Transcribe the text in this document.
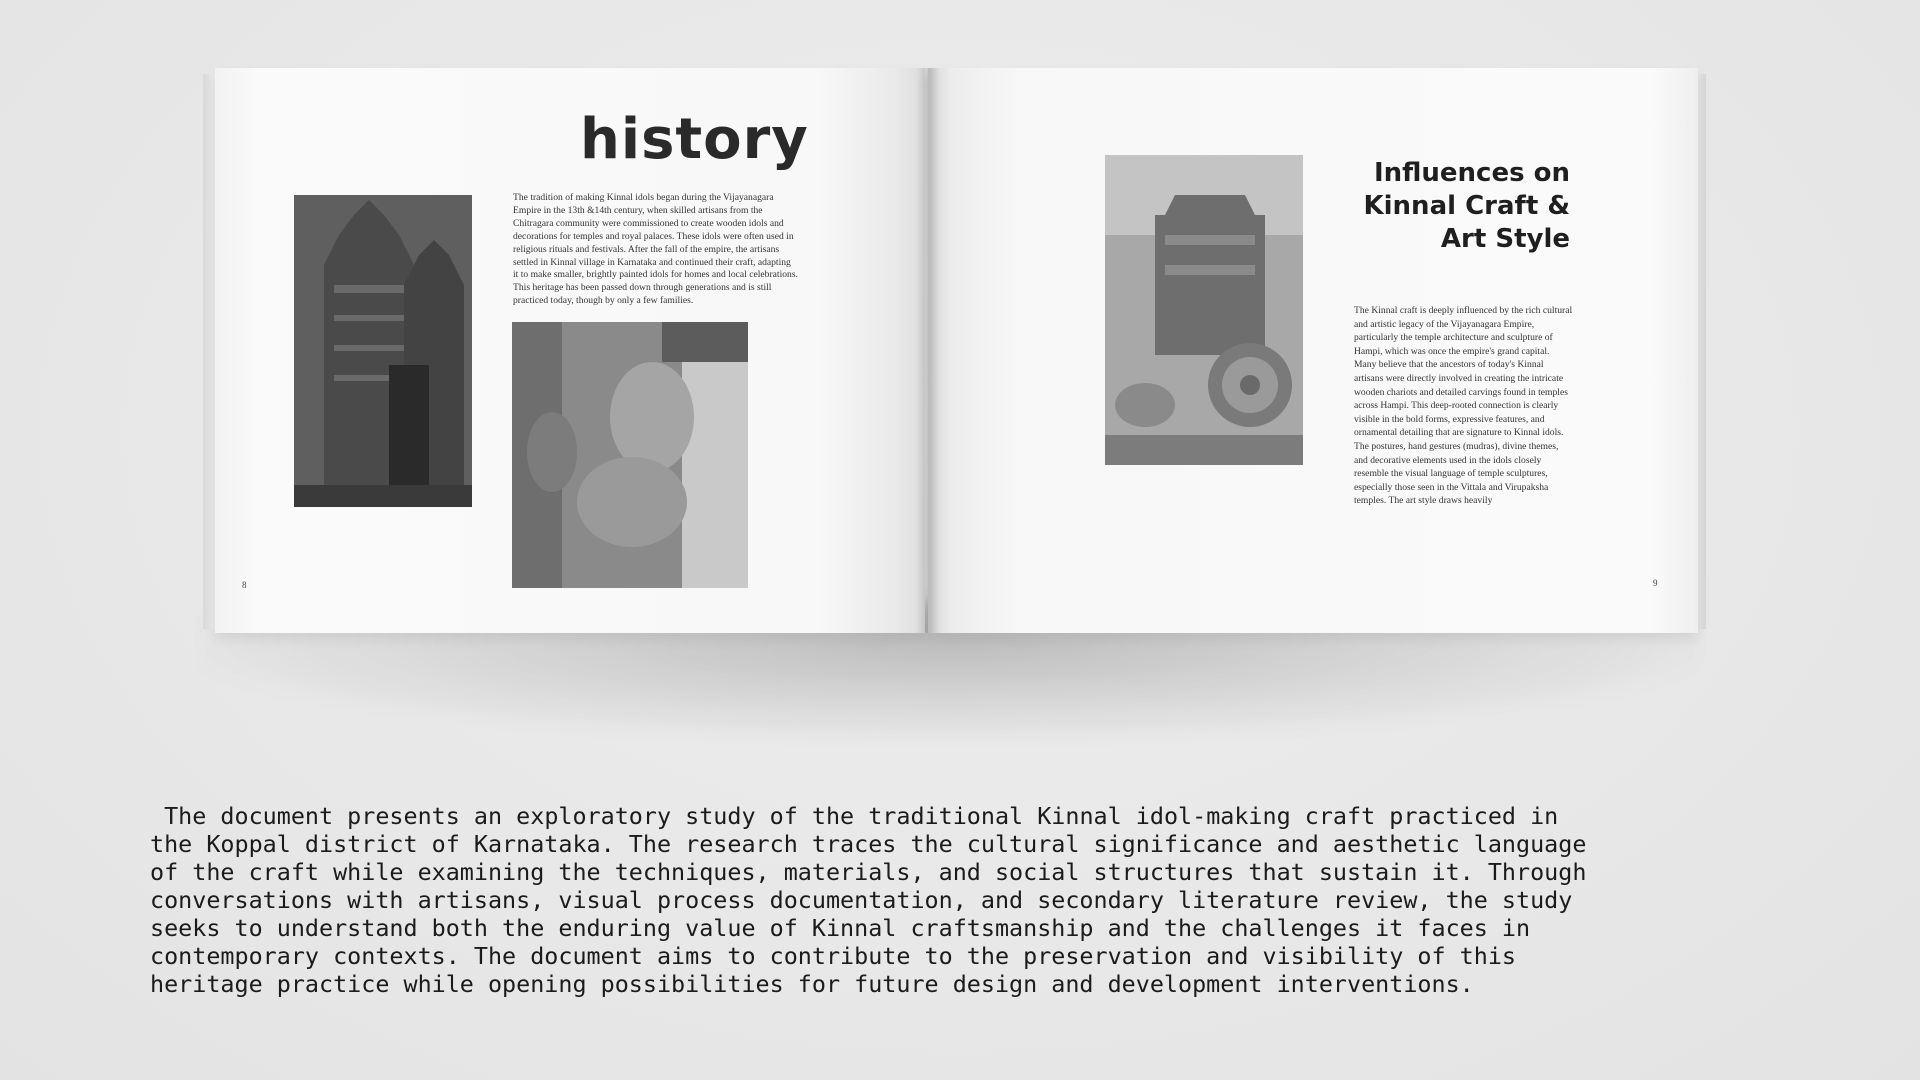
history
The tradition of making Kinnal idols began during the Vijayanagara Empire in the 13th &14th century, when skilled artisans from the Chitragara community were commissioned to create wooden idols and decorations for temples and royal palaces. These idols were often used in religious rituals and festivals. After the fall of the empire, the artisans settled in Kinnal village in Karnataka and continued their craft, adapting it to make smaller, brightly painted idols for homes and local celebrations. This heritage has been passed down through generations and is still practiced today, though by only a few families.
8
Influences on Kinnal Craft & Art Style
The Kinnal craft is deeply influenced by the rich cultural and artistic legacy of the Vijayanagara Empire, particularly the temple architecture and sculpture of Hampi, which was once the empire's grand capital. Many believe that the ancestors of today's Kinnal artisans were directly involved in creating the intricate wooden chariots and detailed carvings found in temples across Hampi. This deep-rooted connection is clearly visible in the bold forms, expressive features, and ornamental detailing that are signature to Kinnal idols. The postures, hand gestures (mudras), divine themes, and decorative elements used in the idols closely resemble the visual language of temple sculptures, especially those seen in the Vittala and Virupaksha temples. The art style draws heavily
9
The document presents an exploratory study of the traditional Kinnal idol-making craft practiced in
the Koppal district of Karnataka. The research traces the cultural significance and aesthetic language
of the craft while examining the techniques, materials, and social structures that sustain it. Through
conversations with artisans, visual process documentation, and secondary literature review, the study
seeks to understand both the enduring value of Kinnal craftsmanship and the challenges it faces in
contemporary contexts. The document aims to contribute to the preservation and visibility of this
heritage practice while opening possibilities for future design and development interventions.
